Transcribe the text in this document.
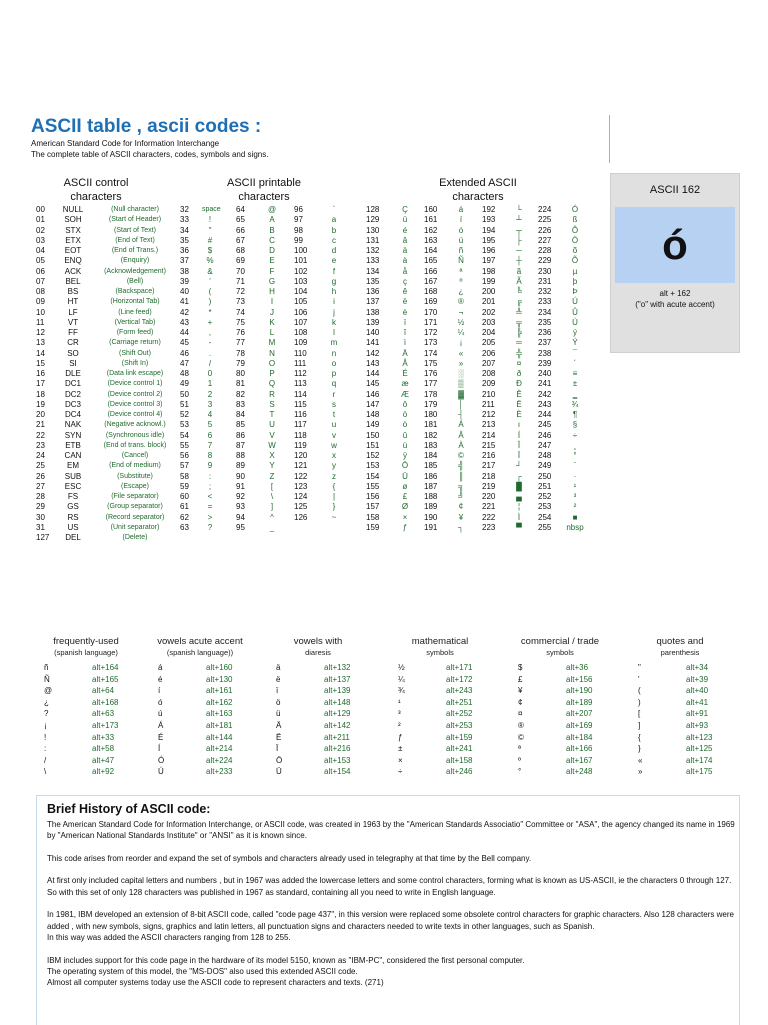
ASCII table , ascii codes :
American Standard Code for Information Interchange
The complete table of ASCII characters, codes, symbols and signs.
ASCII control
characters
ASCII printable
characters
Extended ASCII
characters
00	NULL	(Null character)
01	SOH	(Start of Header)
02	STX	(Start of Text)
03	ETX	(End of Text)
04	EOT	(End of Trans.)
05	ENQ	(Enquiry)
06	ACK	(Acknowledgement)
07	BEL	(Bell)
08	BS	(Backspace)
09	HT	(Horizontal Tab)
10	LF	(Line feed)
11	VT	(Vertical Tab)
12	FF	(Form feed)
13	CR	(Carriage return)
14	SO	(Shift Out)
15	SI	(Shift In)
16	DLE	(Data link escape)
17	DC1	(Device control 1)
18	DC2	(Device control 2)
19	DC3	(Device control 3)
20	DC4	(Device control 4)
21	NAK	(Negative acknowl.)
22	SYN	(Synchronous idle)
23	ETB	(End of trans. block)
24	CAN	(Cancel)
25	EM	(End of medium)
26	SUB	(Substitute)
27	ESC	(Escape)
28	FS	(File separator)
29	GS	(Group separator)
30	RS	(Record separator)
31	US	(Unit separator)
127	DEL	(Delete)
32 space 64	@	96	`
33	!	65	A	97	a
34	"	66	B	98	b
35	#	67	C	99	c
36	$	68	D	100	d
37	%	69	E	101	e
38	&	70	F	102	f
39	'	71	G	103	g
40	(	72	H	104	h
41	)	73	I	105	i
42	*	74	J	106	j
43	+	75	K	107	k
44	,	76	L	108	l
45	-	77	M	109	m
46	.	78	N	110	n
47	/	79	O	111	o
48	0	80	P	112	p
49	1	81	Q	113	q
50	2	82	R	114	r
51	3	83	S	115	s
52	4	84	T	116	t
53	5	85	U	117	u
54	6	86	V	118	v
55	7	87	W	119	w
56	8	88	X	120	x
57	9	89	Y	121	y
58	:	90	Z	122	z
59	;	91	[	123	{
60	<	92	\	124	|
61	=	93	]	125	}
62	>	94	^	126	~
63	?	95	_
128	Ç	160	á	192	└	224	Ó
129	ü	161	í	193	┴	225	ß
130	é	162	ó	194	┬	226	Ô
131	â	163	ú	195	├	227	Ò
132	ä	164	ñ	196	─	228	õ
133	à	165	Ñ	197	┼	229	Õ
134	å	166	ª	198	ã	230	µ
135	ç	167	º	199	Ã	231	þ
136	ê	168	¿	200	╚	232	Þ
137	ë	169	®	201	╔	233	Ú
138	è	170	¬	202	╩	234	Û
139	ï	171	½	203	╦	235	Ù
140	î	172	¼	204	╠	236	ý
141	ì	173	¡	205	═	237	Ý
142	Ä	174	«	206	╬	238	¯
143	Å	175	»	207	¤	239	´
144	É	176	░	208	ð	240	≡
145	æ	177	▒	209	Ð	241	±
146	Æ	178	▓	210	Ê	242	‗
147	ô	179	│	211	Ë	243	¾
148	ö	180	┤	212	È	244	¶
149	ò	181	Á	213	ı	245	§
150	û	182	Â	214	Í	246	÷
151	ù	183	À	215	Î	247	¸
152	ÿ	184	©	216	Ï	248	°
153	Ö	185	╣	217	┘	249	¨
154	Ü	186	║	218	┌	250	·
155	ø	187	╗	219	█	251	¹
156	£	188	╝	220	▄	252	³
157	Ø	189	¢	221	¦	253	²
158	×	190	¥	222	Ì	254	■
159	ƒ	191	┐	223	▀	255 nbsp
ASCII 162
ó
alt + 162
("o" with acute accent)
frequently-used
(spanish language)
ñ	alt+164
Ñ	alt+165
@	alt+64
¿	alt+168
?	alt+63
¡	alt+173
!	alt+33
:	alt+58
/	alt+47
\	alt+92
vowels acute accent
(spanish language))
á	alt+160
é	alt+130
í	alt+161
ó	alt+162
ú	alt+163
Á	alt+181
É	alt+144
Í	alt+214
Ó	alt+224
Ú	alt+233
vowels with
diaresis
ä	alt+132
ë	alt+137
ï	alt+139
ö	alt+148
ü	alt+129
Ä	alt+142
Ë	alt+211
Ï	alt+216
Ö	alt+153
Ü	alt+154
mathematical
symbols
½	alt+171
¼	alt+172
¾	alt+243
¹	alt+251
³	alt+252
²	alt+253
ƒ	alt+159
±	alt+241
×	alt+158
÷	alt+246
commercial / trade
symbols
$	alt+36
£	alt+156
¥	alt+190
¢	alt+189
¤	alt+207
®	alt+169
©	alt+184
ª	alt+166
º	alt+167
°	alt+248
quotes and
parenthesis
"	alt+34
'	alt+39
(	alt+40
)	alt+41
[	alt+91
]	alt+93
{	alt+123
}	alt+125
«	alt+174
»	alt+175
Brief History of ASCII code:

The American Standard Code for Information Interchange, or ASCII code, was created in 1963 by the "American Standards Associatio" Committee or "ASA", the agency changed its name in 1969 by "American National Standards Institute" or "ANSI" as it is known since.

This code arises from reorder and expand the set of symbols and characters already used in telegraphy at that time by the Bell company.

At first only included capital letters and numbers , but in 1967 was added the lowercase letters and some control characters, forming what is known as US-ASCII, ie the characters 0 through 127.
So with this set of only 128 characters was published in 1967 as standard, containing all you need to write in English language.

In 1981, IBM developed an extension of 8-bit ASCII code, called "code page 437", in this version were replaced some obsolete control characters for graphic characters. Also 128 characters were added , with new symbols, signs, graphics and latin letters, all punctuation signs and characters needed to write texts in other languages, such as Spanish.
In this way was added the ASCII characters ranging from 128 to 255.

IBM includes support for this code page in the hardware of its model 5150, known as "IBM-PC", considered the first personal computer.
The operating system of this model, the "MS-DOS" also used this extended ASCII code.
Almost all computer systems today use the ASCII code to represent characters and texts. (271)
